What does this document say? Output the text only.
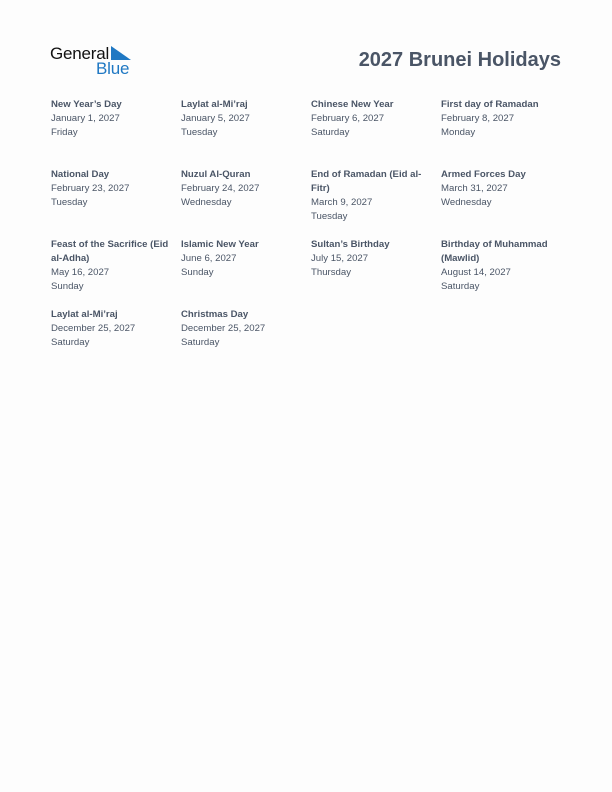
General
Blue	2027 Brunei Holidays
New Year’s Day
January 1, 2027
Friday
Laylat al-Mi’raj
January 5, 2027
Tuesday
Chinese New Year
February 6, 2027
Saturday
First day of Ramadan
February 8, 2027
Monday
National Day
February 23, 2027
Tuesday
Nuzul Al-Quran
February 24, 2027
Wednesday
End of Ramadan (Eid al-Fitr)
March 9, 2027
Tuesday
Armed Forces Day
March 31, 2027
Wednesday
Feast of the Sacrifice (Eid al-Adha)
May 16, 2027
Sunday
Islamic New Year
June 6, 2027
Sunday
Sultan’s Birthday
July 15, 2027
Thursday
Birthday of Muhammad (Mawlid)
August 14, 2027
Saturday
Laylat al-Mi’raj
December 25, 2027
Saturday
Christmas Day
December 25, 2027
Saturday
